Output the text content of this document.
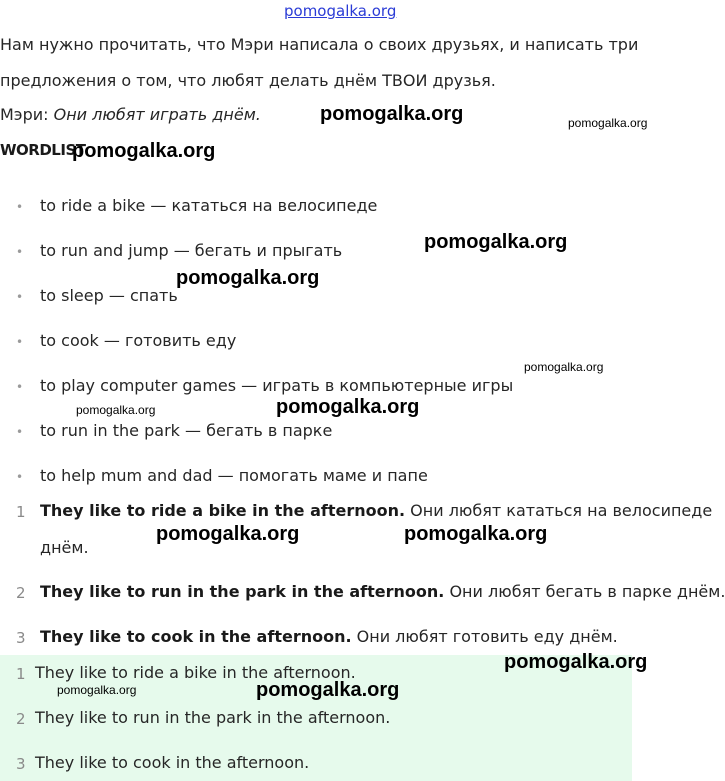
pomogalka.org
Нам нужно прочитать, что Мэри написала о своих друзьях, и написать три
предложения о том, что любят делать днём ТВОИ друзья.
Мэри: Они любят играть днём.
WORDLIST
• to ride a bike — кататься на велосипеде
• to run and jump — бегать и прыгать
• to sleep — спать
• to cook — готовить еду
• to play computer games — играть в компьютерные игры
• to run in the park — бегать в парке
• to help mum and dad — помогать маме и папе
1 They like to ride a bike in the afternoon. Они любят кататься на велосипеде
днём.
2 They like to run in the park in the afternoon. Они любят бегать в парке днём.
3 They like to cook in the afternoon. Они любят готовить еду днём.
1 They like to ride a bike in the afternoon.
2 They like to run in the park in the afternoon.
3 They like to cook in the afternoon.
pomogalka.org	pomogalka.org
pomogalka.org
pomogalka.org
pomogalka.org
pomogalka.org
pomogalka.org
pomogalka.org
pomogalka.org	pomogalka.org
pomogalka.org
pomogalka.org	pomogalka.org
